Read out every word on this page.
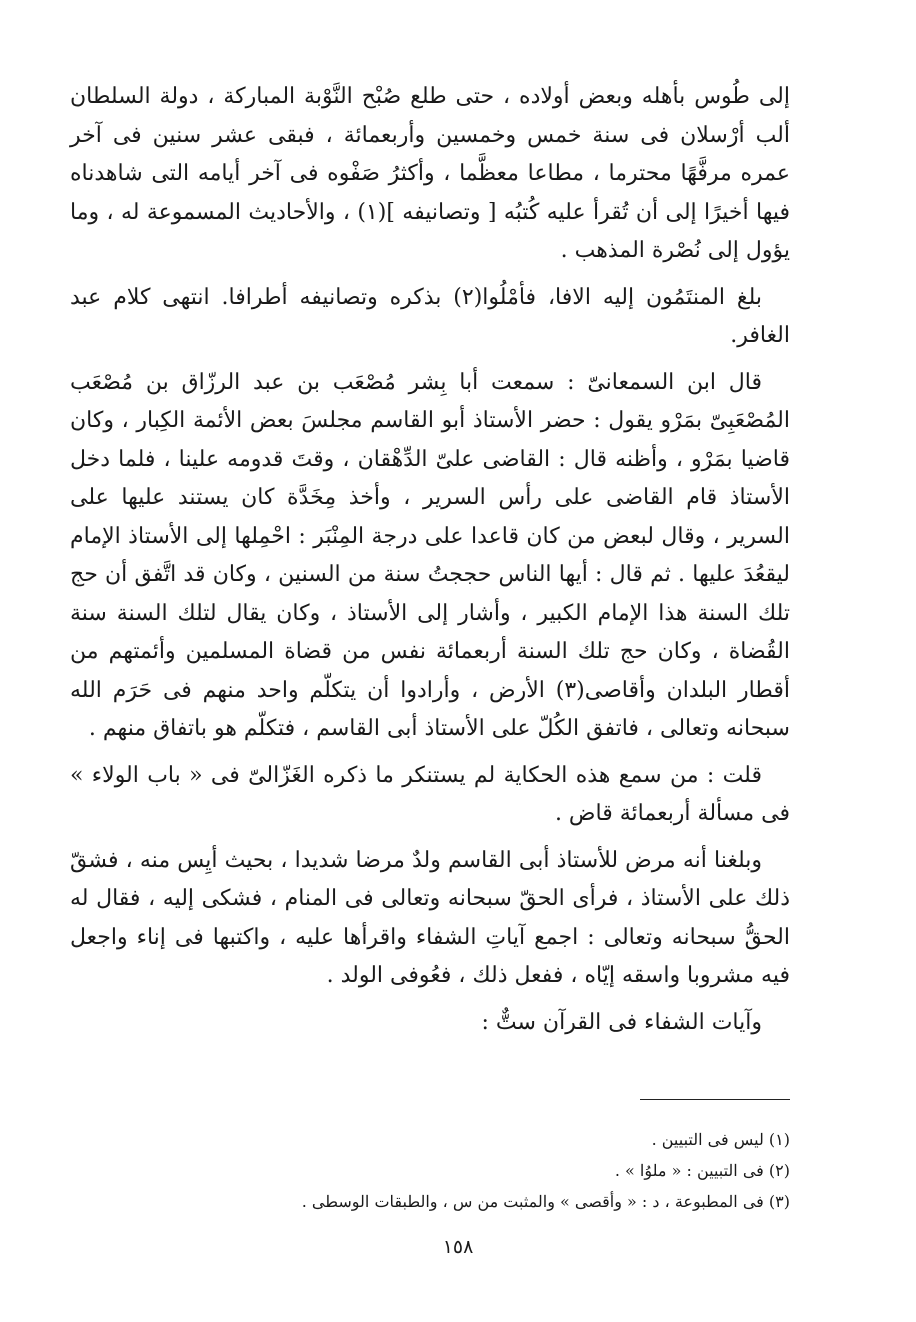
إلى طُوس بأهله وبعض أولاده ، حتى طلع صُبْح النَّوْبة المباركة ، دولة السلطان ألب أرْسلان فى سنة خمس وخمسين وأربعمائة ، فبقى عشر سنين فى آخر عمره مرفَّهًا محترما ، مطاعا معظَّما ، وأكثرُ صَفْوه فى آخر أيامه التى شاهدناه فيها أخيرًا إلى أن تُقرأ عليه كُتبُه [ وتصانيفه ](١) ، والأحاديث المسموعة له ، وما يؤول إلى نُصْرة المذهب .

بلغ المنتَمُون إليه الافا، فأمْلُوا(٢) بذكره وتصانيفه أطرافا. انتهى كلام عبد الغافر.

قال ابن السمعانىّ : سمعت أبا بِشر مُصْعَب بن عبد الرزّاق بن مُصْعَب المُصْعَبِىّ بمَرْو يقول : حضر الأستاذ أبو القاسم مجلسَ بعض الأئمة الكِبار ، وكان قاضيا بمَرْو ، وأظنه قال : القاضى علىّ الدِّهْقان ، وقتَ قدومه علينا ، فلما دخل الأستاذ قام القاضى على رأس السرير ، وأخذ مِخَدَّة كان يستند عليها على السرير ، وقال لبعض من كان قاعدا على درجة المِنْبَر : احْمِلها إلى الأستاذ الإمام ليقعُدَ عليها . ثم قال : أيها الناس حججتُ سنة من السنين ، وكان قد اتَّفق أن حج تلك السنة هذا الإمام الكبير ، وأشار إلى الأستاذ ، وكان يقال لتلك السنة سنة القُضاة ، وكان حج تلك السنة أربعمائة نفس من قضاة المسلمين وأئمتهم من أقطار البلدان وأقاصى(٣) الأرض ، وأرادوا أن يتكلّم واحد منهم فى حَرَم الله سبحانه وتعالى ، فاتفق الكُلّ على الأستاذ أبى القاسم ، فتكلّم هو باتفاق منهم .

قلت : من سمع هذه الحكاية لم يستنكر ما ذكره الغَزّالىّ فى « باب الولاء » فى مسألة أربعمائة قاض .

وبلغنا أنه مرض للأستاذ أبى القاسم ولدٌ مرضا شديدا ، بحيث أيِس منه ، فشقّ ذلك على الأستاذ ، فرأى الحقّ سبحانه وتعالى فى المنام ، فشكى إليه ، فقال له الحقُّ سبحانه وتعالى : اجمع آياتِ الشفاء واقرأها عليه ، واكتبها فى إناء واجعل فيه مشروبا واسقه إيّاه ، ففعل ذلك ، فعُوفى الولد .

وآيات الشفاء فى القرآن ستٌّ :

(١) ليس فى التبيين .

(٢) فى التبيين : « ملوُا » .

(٣) فى المطبوعة ، د : « وأقصى » والمثبت من س ، والطبقات الوسطى .

١٥٨
